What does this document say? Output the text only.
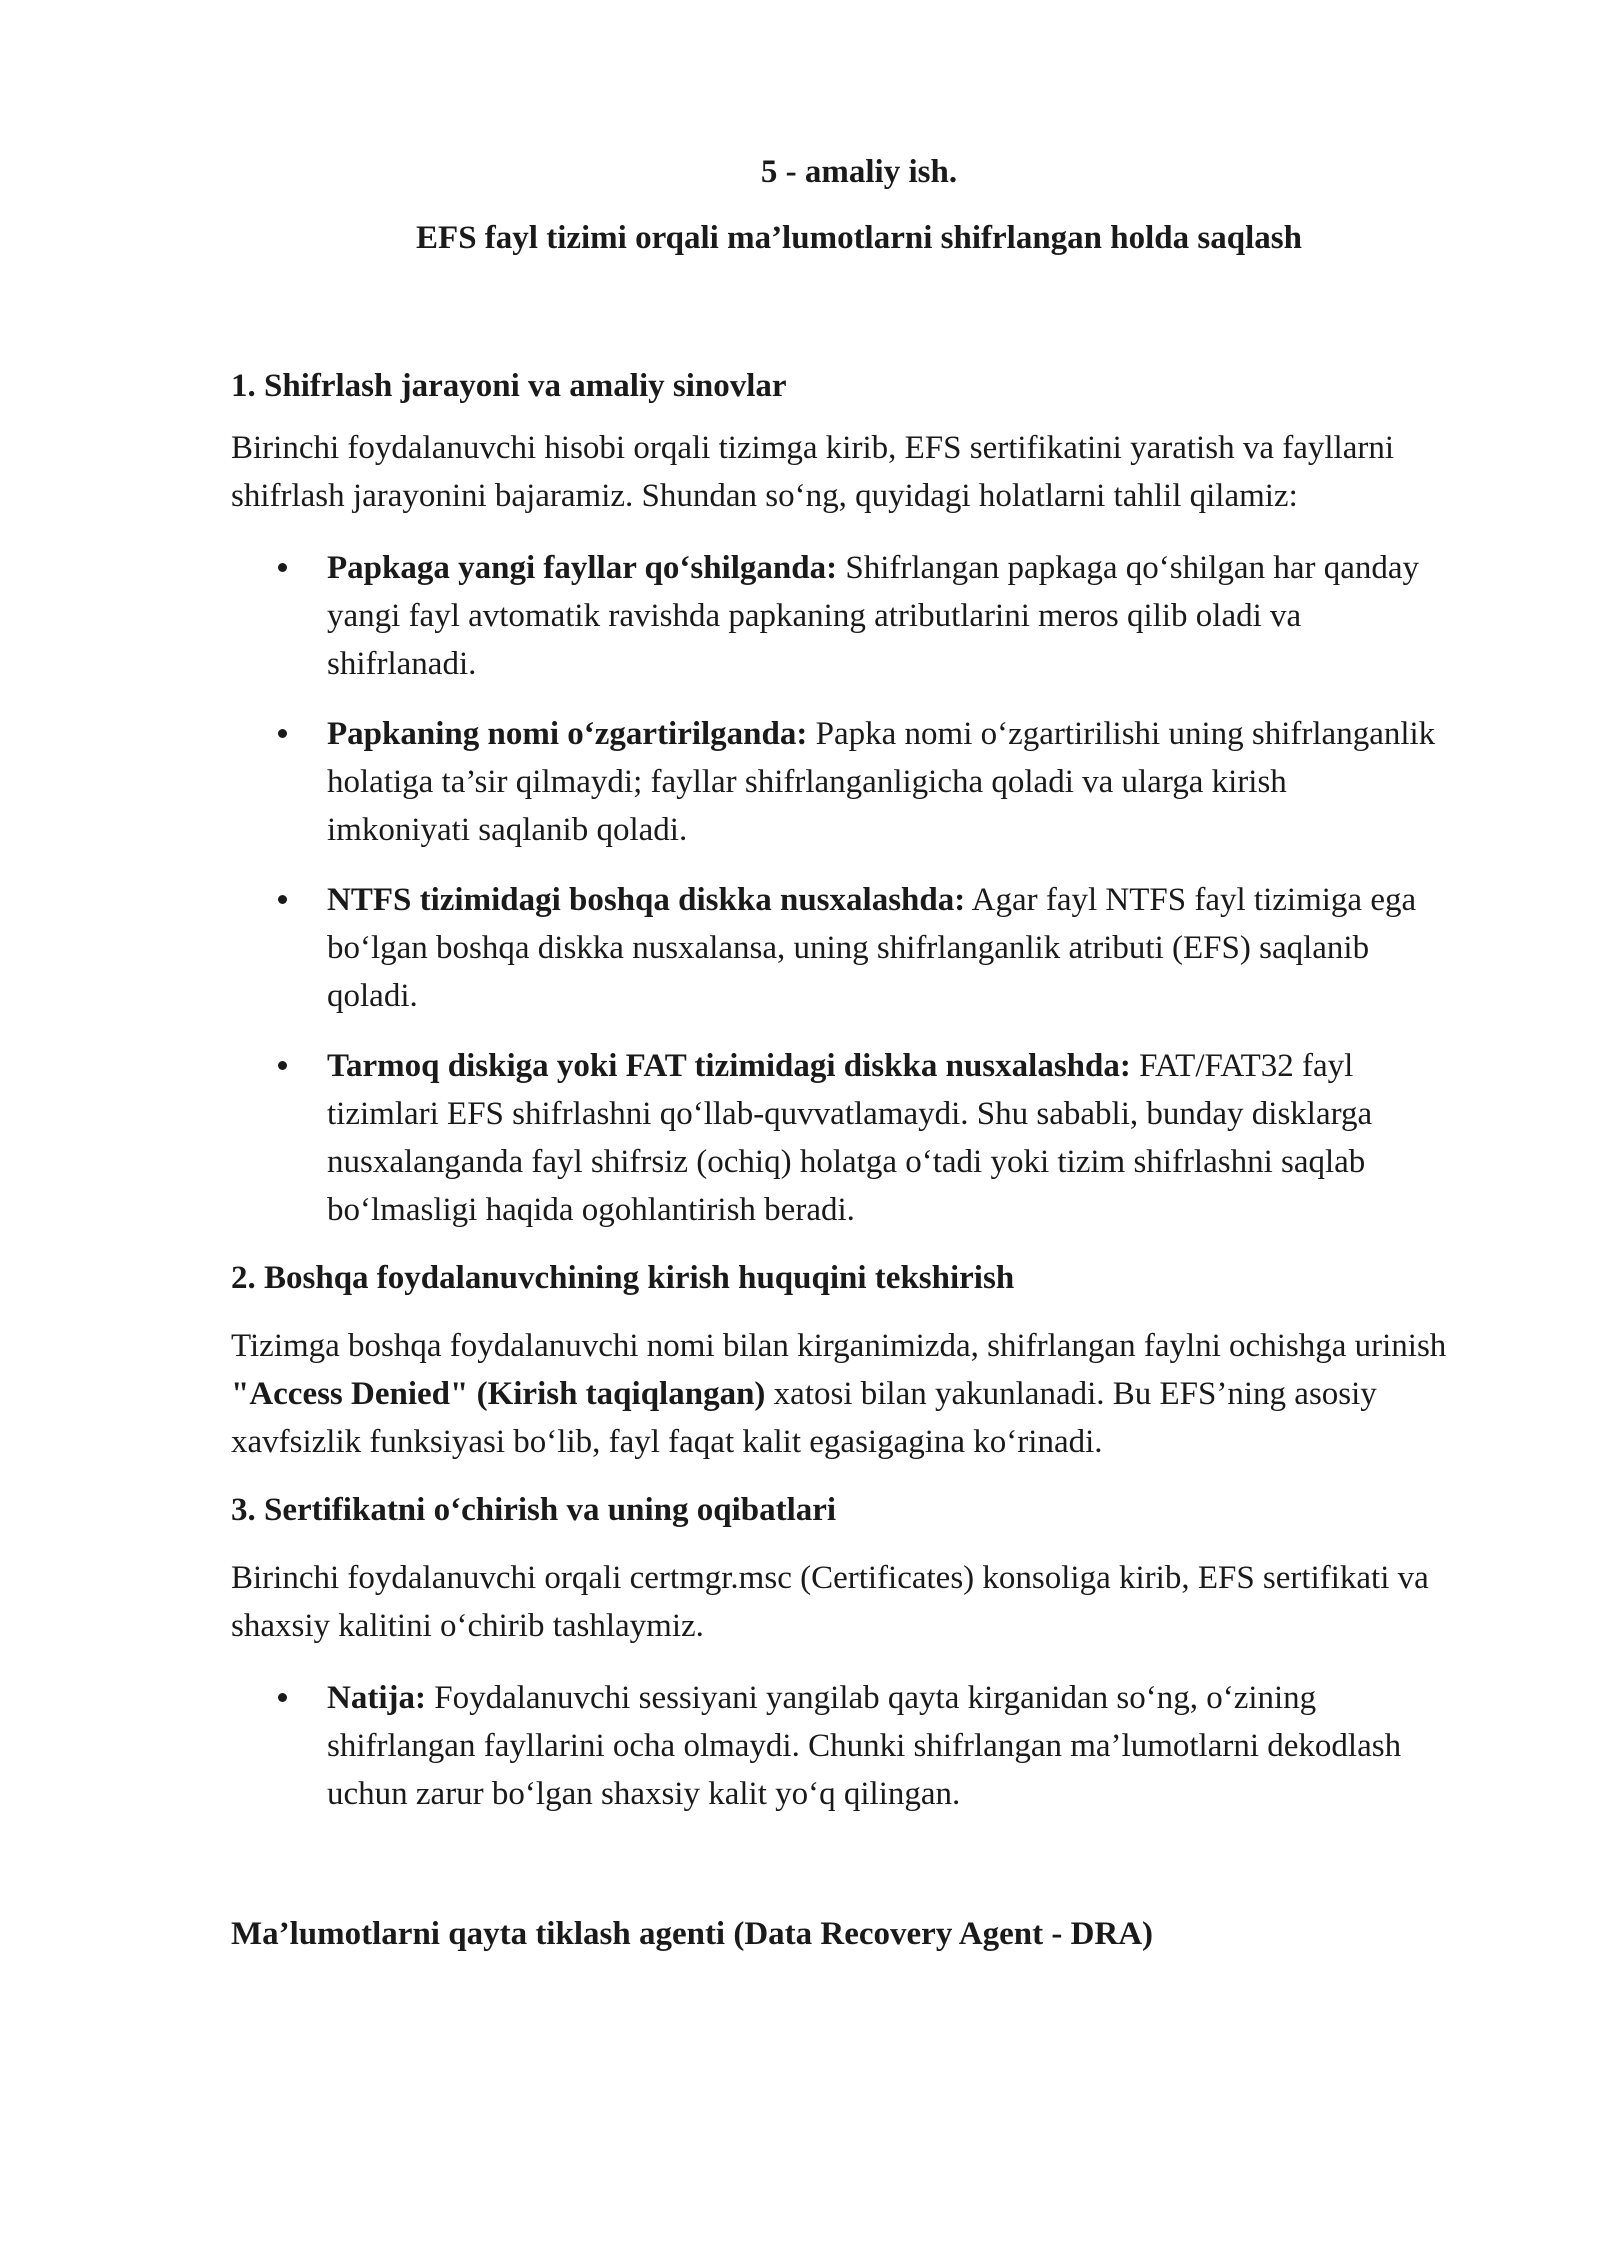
5 - amaliy ish.

EFS fayl tizimi orqali ma’lumotlarni shifrlangan holda saqlash

1. Shifrlash jarayoni va amaliy sinovlar

Birinchi foydalanuvchi hisobi orqali tizimga kirib, EFS sertifikatini yaratish va fayllarni shifrlash jarayonini bajaramiz. Shundan so‘ng, quyidagi holatlarni tahlil qilamiz:

Papkaga yangi fayllar qo‘shilganda: Shifrlangan papkaga qo‘shilgan har qanday yangi fayl avtomatik ravishda papkaning atributlarini meros qilib oladi va shifrlanadi.
Papkaning nomi o‘zgartirilganda: Papka nomi o‘zgartirilishi uning shifrlanganlik holatiga ta’sir qilmaydi; fayllar shifrlanganligicha qoladi va ularga kirish imkoniyati saqlanib qoladi.
NTFS tizimidagi boshqa diskka nusxalashda: Agar fayl NTFS fayl tizimiga ega bo‘lgan boshqa diskka nusxalansa, uning shifrlanganlik atributi (EFS) saqlanib qoladi.
Tarmoq diskiga yoki FAT tizimidagi diskka nusxalashda: FAT/FAT32 fayl tizimlari EFS shifrlashni qo‘llab-quvvatlamaydi. Shu sababli, bunday disklarga nusxalanganda fayl shifrsiz (ochiq) holatga o‘tadi yoki tizim shifrlashni saqlab bo‘lmasligi haqida ogohlantirish beradi.

2. Boshqa foydalanuvchining kirish huquqini tekshirish

Tizimga boshqa foydalanuvchi nomi bilan kirganimizda, shifrlangan faylni ochishga urinish "Access Denied" (Kirish taqiqlangan) xatosi bilan yakunlanadi. Bu EFS’ning asosiy xavfsizlik funksiyasi bo‘lib, fayl faqat kalit egasigagina ko‘rinadi.

3. Sertifikatni o‘chirish va uning oqibatlari

Birinchi foydalanuvchi orqali certmgr.msc (Certificates) konsoliga kirib, EFS sertifikati va shaxsiy kalitini o‘chirib tashlaymiz.

Natija: Foydalanuvchi sessiyani yangilab qayta kirganidan so‘ng, o‘zining shifrlangan fayllarini ocha olmaydi. Chunki shifrlangan ma’lumotlarni dekodlash uchun zarur bo‘lgan shaxsiy kalit yo‘q qilingan.

Ma’lumotlarni qayta tiklash agenti (Data Recovery Agent - DRA)
